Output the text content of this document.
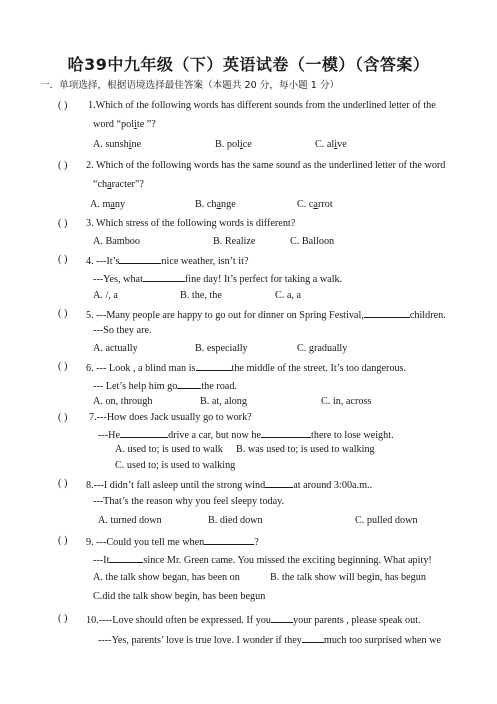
哈39中九年级（下）英语试卷（一模）（含答案）
一．单项选择，根据语境选择最佳答案（本题共 20 分，每小题 1 分）
( ) 1.Which of the following words has different sounds from the underlined letter of the
word “polite ”?
A. sunshine	B. police	C. alive
( ) 2. Which of the following words has the same sound as the underlined letter of the word
“character”?
A. many	B. change	C. carrot
( ) 3. Which stress of the following words is different?
A. Bamboo	B. Realize	C. Balloon
( ) 4. ---It’s	nice weather, isn’t it?
---Yes, what	fine day! It’s perfect for taking a walk.
A. /, a	B. the, the	C. a, a
( ) 5. ---Many people are happy to go out for dinner on Spring Festival,	children.
---So they are.
A. actually	B. especially	C. gradually
( ) 6. --- Look , a blind man is	the middle of the street. It’s too dangerous.
--- Let’s help him go the road.
A. on, through	B. at, along	C. in, across
( ) 7.---How does Jack usually go to work?
---He	drive a car, but now he	there to lose weight.
A. used to; is used to walk B. was used to; is used to walking
C. used to; is used to walking
( ) 8.---I didn’t fall asleep until the strong wind	at around 3:00a.m..
---That’s the reason why you feel sleepy today.
A. turned down	B. died down	C. pulled down
( ) 9. ---Could you tell me when	?
---It	since Mr. Green came. You missed the exciting beginning. What apity!
A. the talk show began, has been on	B. the talk show will begin, has begun
C.did the talk show begin, has been begun
( ) 10.----Love should often be expressed. If you your parents , please speak out.
----Yes, parents’ love is true love. I wonder if they much too surprised when we
